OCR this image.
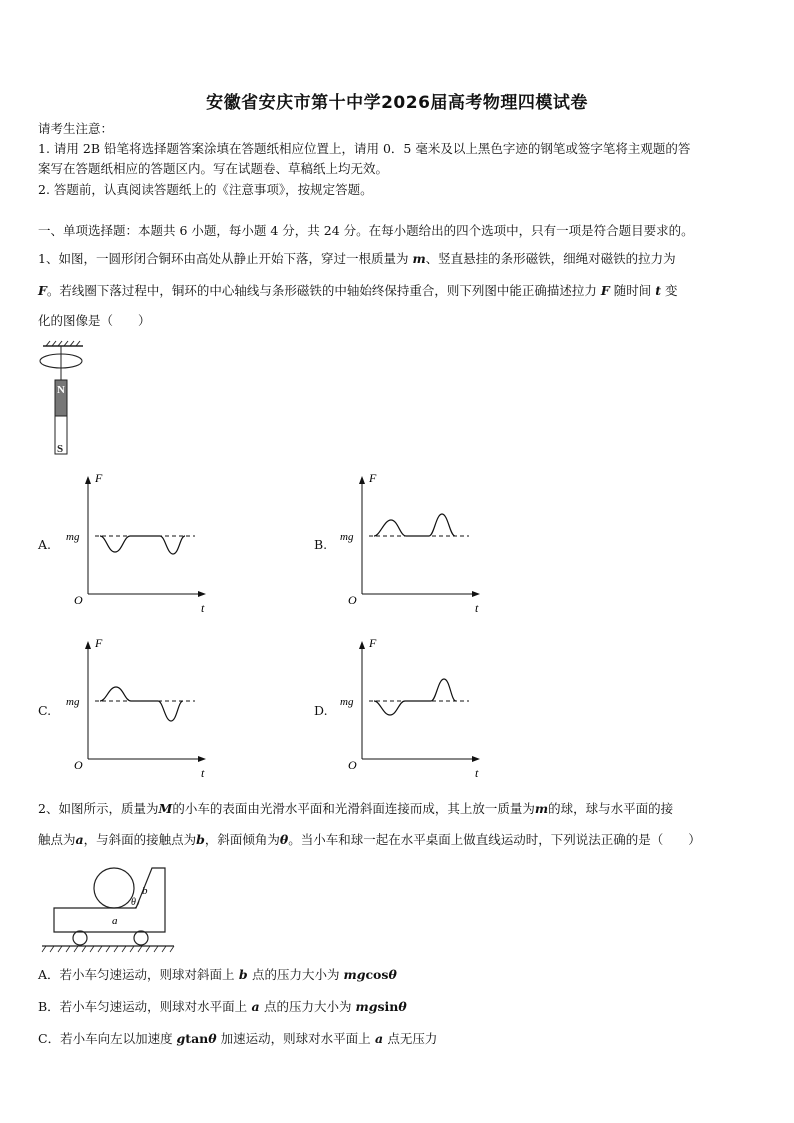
安徽省安庆市第十中学2026届高考物理四模试卷
请考生注意：
1. 请用 2B 铅笔将选择题答案涂填在答题纸相应位置上，请用 0．5 毫米及以上黑色字迹的钢笔或签字笔将主观题的答
案写在答题纸相应的答题区内。写在试题卷、草稿纸上均无效。
2. 答题前，认真阅读答题纸上的《注意事项》，按规定答题。
一、单项选择题：本题共 6 小题，每小题 4 分，共 24 分。在每小题给出的四个选项中，只有一项是符合题目要求的。
1、如图，一圆形闭合铜环由高处从静止开始下落，穿过一根质量为 m、竖直悬挂的条形磁铁，细绳对磁铁的拉力为
F。若线圈下落过程中，铜环的中心轴线与条形磁铁的中轴始终保持重合，则下列图中能正确描述拉力 F 随时间 t 变
化的图像是（　　）
N
S
A.
F
mg
O
t
B.
F
mg
O
t
C.
F
mg
O
t
D.
F
mg
O
t
2、如图所示，质量为M的小车的表面由光滑水平面和光滑斜面连接而成，其上放一质量为m的球，球与水平面的接
触点为a，与斜面的接触点为b，斜面倾角为θ。当小车和球一起在水平桌面上做直线运动时，下列说法正确的是（　　）
b
θ
a
A．若小车匀速运动，则球对斜面上 b 点的压力大小为 mgcosθ
B．若小车匀速运动，则球对水平面上 a 点的压力大小为 mgsinθ
C．若小车向左以加速度 gtanθ 加速运动，则球对水平面上 a 点无压力
